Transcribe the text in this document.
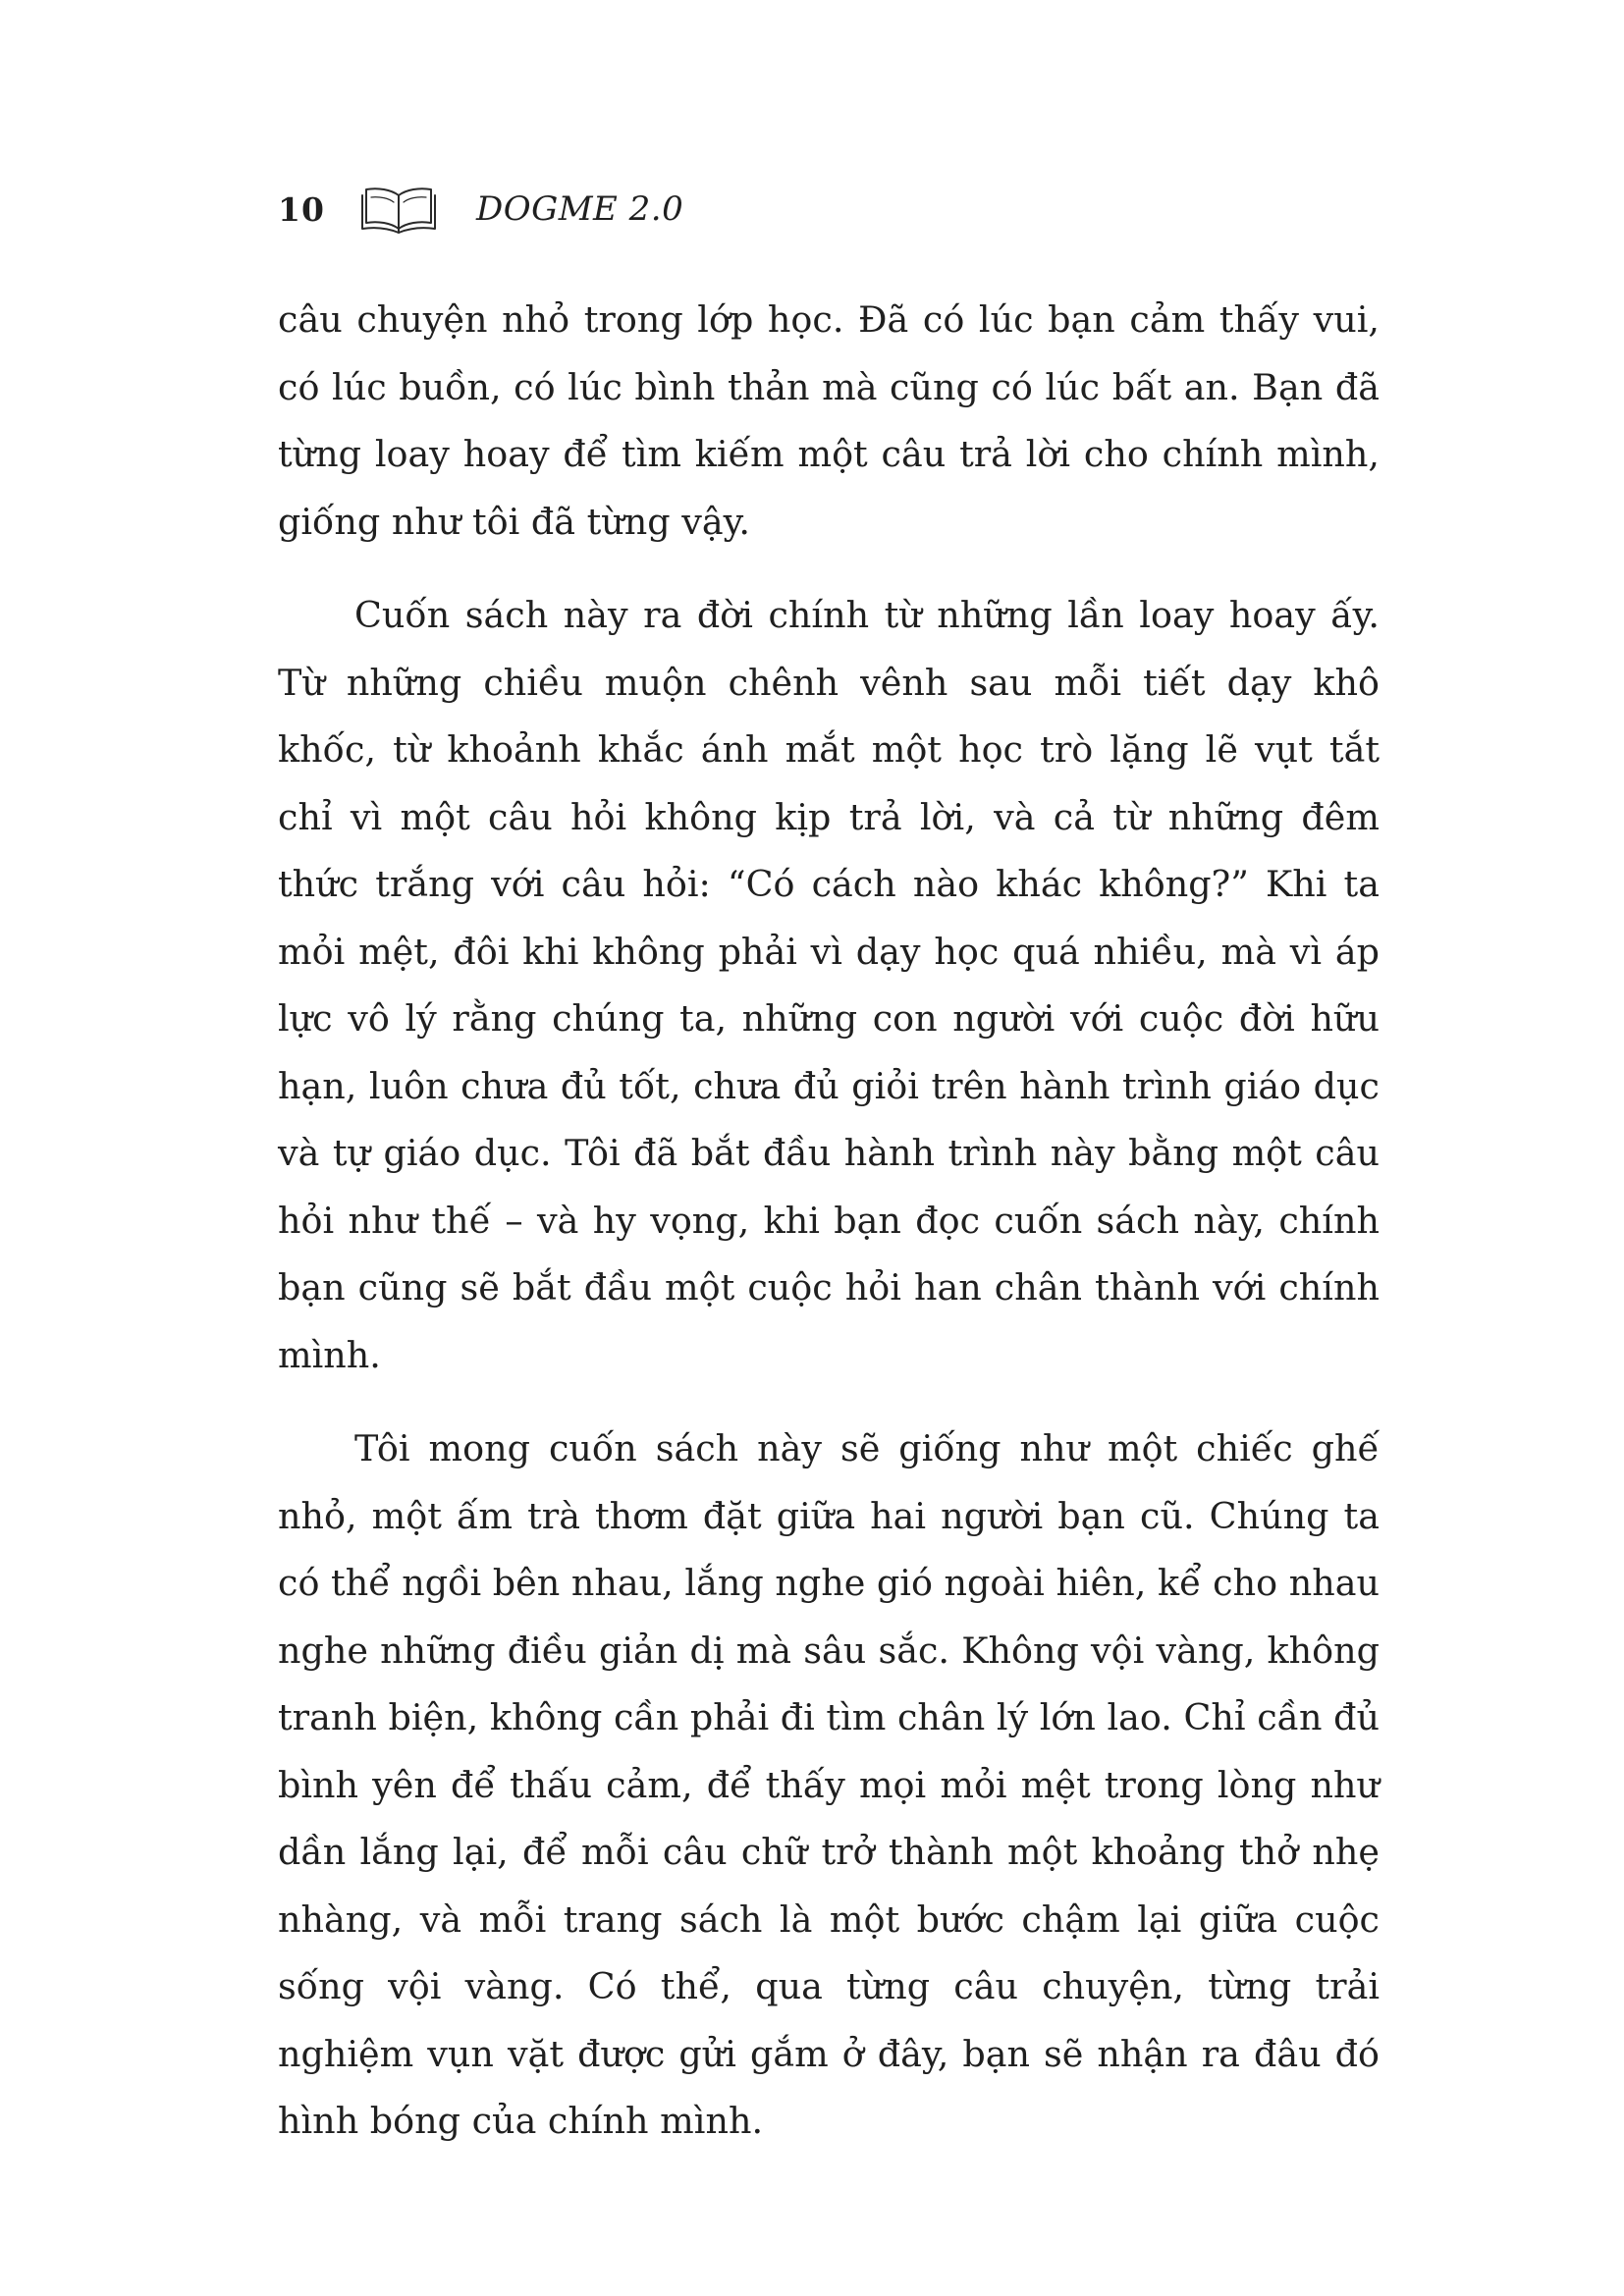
10	DOGME 2.0

câu chuyện nhỏ trong lớp học. Đã có lúc bạn cảm thấy vui, có lúc buồn, có lúc bình thản mà cũng có lúc bất an. Bạn đã từng loay hoay để tìm kiếm một câu trả lời cho chính mình, giống như tôi đã từng vậy.

Cuốn sách này ra đời chính từ những lần loay hoay ấy. Từ những chiều muộn chênh vênh sau mỗi tiết dạy khô khốc, từ khoảnh khắc ánh mắt một học trò lặng lẽ vụt tắt chỉ vì một câu hỏi không kịp trả lời, và cả từ những đêm thức trắng với câu hỏi: “Có cách nào khác không?” Khi ta mỏi mệt, đôi khi không phải vì dạy học quá nhiều, mà vì áp lực vô lý rằng chúng ta, những con người với cuộc đời hữu hạn, luôn chưa đủ tốt, chưa đủ giỏi trên hành trình giáo dục và tự giáo dục. Tôi đã bắt đầu hành trình này bằng một câu hỏi như thế – và hy vọng, khi bạn đọc cuốn sách này, chính bạn cũng sẽ bắt đầu một cuộc hỏi han chân thành với chính mình.

Tôi mong cuốn sách này sẽ giống như một chiếc ghế nhỏ, một ấm trà thơm đặt giữa hai người bạn cũ. Chúng ta có thể ngồi bên nhau, lắng nghe gió ngoài hiên, kể cho nhau nghe những điều giản dị mà sâu sắc. Không vội vàng, không tranh biện, không cần phải đi tìm chân lý lớn lao. Chỉ cần đủ bình yên để thấu cảm, để thấy mọi mỏi mệt trong lòng như dần lắng lại, để mỗi câu chữ trở thành một khoảng thở nhẹ nhàng, và mỗi trang sách là một bước chậm lại giữa cuộc sống vội vàng. Có thể, qua từng câu chuyện, từng trải nghiệm vụn vặt được gửi gắm ở đây, bạn sẽ nhận ra đâu đó hình bóng của chính mình.
